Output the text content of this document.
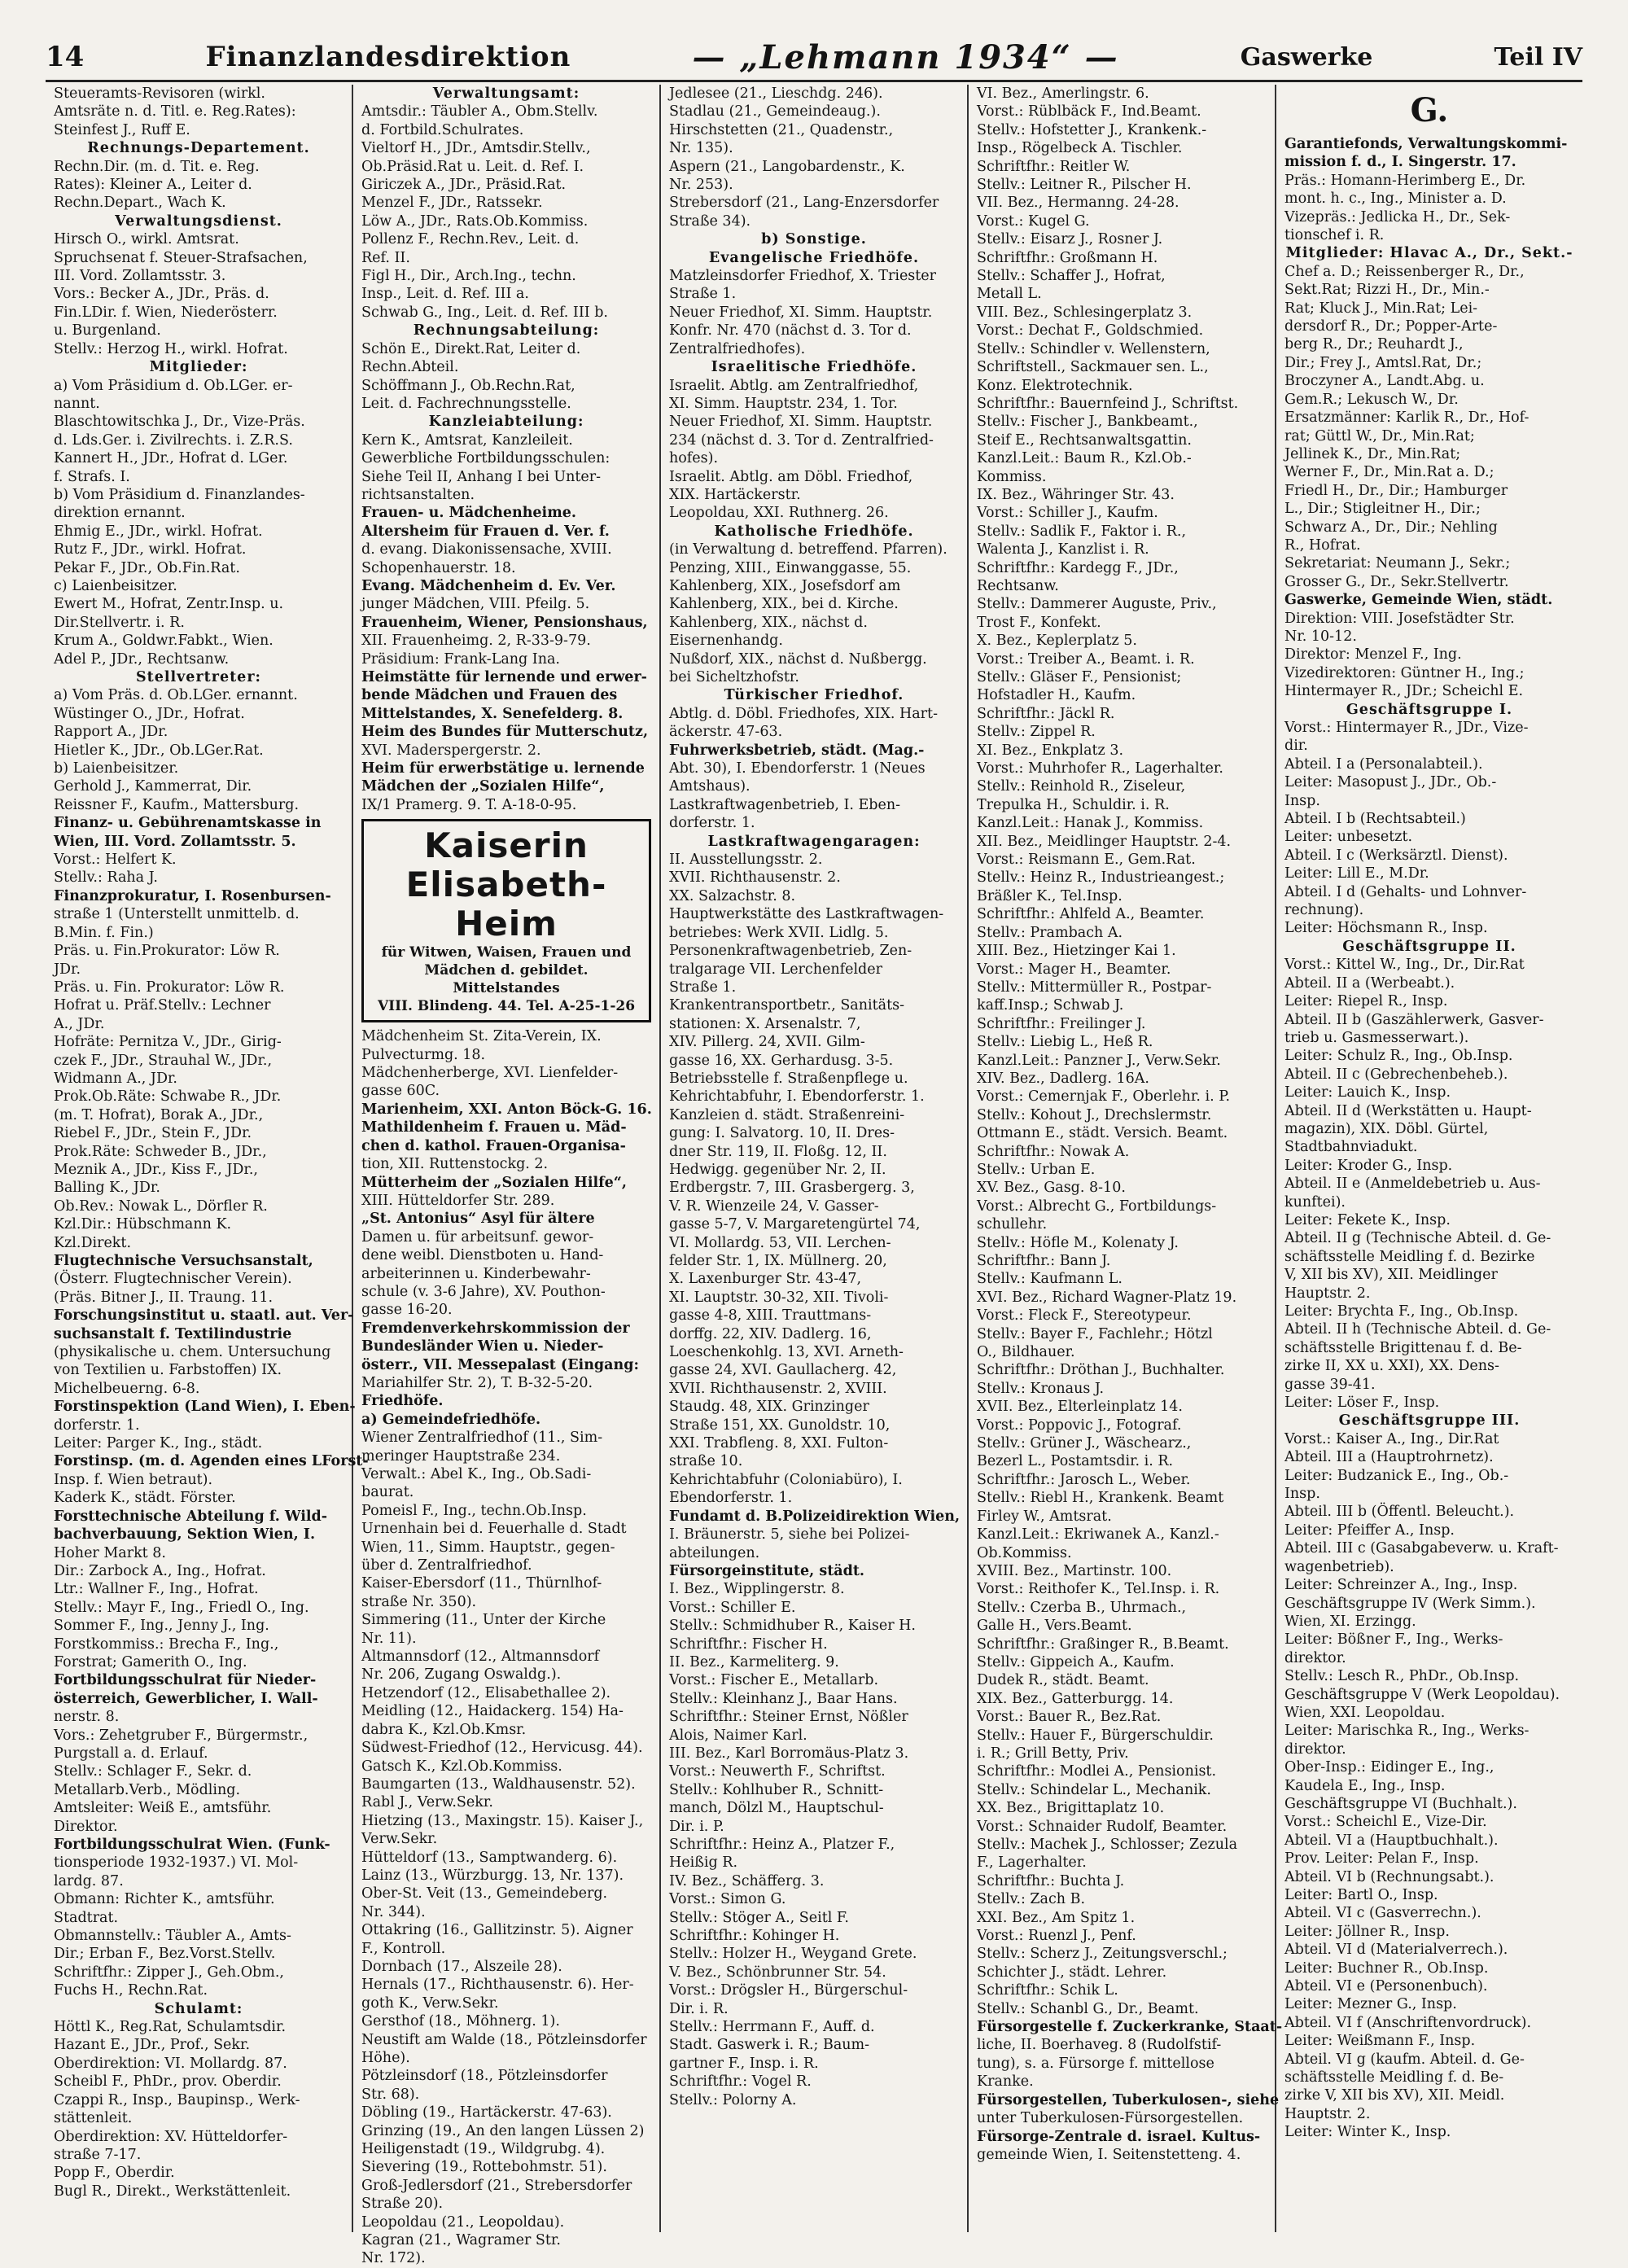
14	Finanzlandesdirektion	— „Lehmann 1934“ —	Gaswerke	Teil IV
Steueramts-Revisoren (wirkl.
Amtsräte n. d. Titl. e. Reg.Rates):
Steinfest J., Ruff E.
Rechnungs-Departement.
Rechn.Dir. (m. d. Tit. e. Reg.
Rates): Kleiner A., Leiter d.
Rechn.Depart., Wach K.
Verwaltungsdienst.
Hirsch O., wirkl. Amtsrat.
Spruchsenat f. Steuer-Strafsachen,
III. Vord. Zollamtsstr. 3.
Vors.: Becker A., JDr., Präs. d.
Fin.LDir. f. Wien, Niederösterr.
u. Burgenland.
Stellv.: Herzog H., wirkl. Hofrat.
Mitglieder:
a) Vom Präsidium d. Ob.LGer. er-
nannt.
Blaschtowitschka J., Dr., Vize-Präs.
d. Lds.Ger. i. Zivilrechts. i. Z.R.S.
Kannert H., JDr., Hofrat d. LGer.
f. Strafs. I.
b) Vom Präsidium d. Finanzlandes-
direktion ernannt.
Ehmig E., JDr., wirkl. Hofrat.
Rutz F., JDr., wirkl. Hofrat.
Pekar F., JDr., Ob.Fin.Rat.
c) Laienbeisitzer.
Ewert M., Hofrat, Zentr.Insp. u.
Dir.Stellvertr. i. R.
Krum A., Goldwr.Fabkt., Wien.
Adel P., JDr., Rechtsanw.
Stellvertreter:
a) Vom Präs. d. Ob.LGer. ernannt.
Wüstinger O., JDr., Hofrat.
Rapport A., JDr.
Hietler K., JDr., Ob.LGer.Rat.
b) Laienbeisitzer.
Gerhold J., Kammerrat, Dir.
Reissner F., Kaufm., Mattersburg.
Finanz- u. Gebührenamtskasse in
Wien, III. Vord. Zollamtsstr. 5.
Vorst.: Helfert K.
Stellv.: Raha J.
Finanzprokuratur, I. Rosenbursen-
straße 1 (Unterstellt unmittelb. d.
B.Min. f. Fin.)
Präs. u. Fin.Prokurator: Löw R.
JDr.
Präs. u. Fin. Prokurator: Löw R.
Hofrat u. Präf.Stellv.: Lechner
A., JDr.
Hofräte: Pernitza V., JDr., Girig-
czek F., JDr., Strauhal W., JDr.,
Widmann A., JDr.
Prok.Ob.Räte: Schwabe R., JDr.
(m. T. Hofrat), Borak A., JDr.,
Riebel F., JDr., Stein F., JDr.
Prok.Räte: Schweder B., JDr.,
Meznik A., JDr., Kiss F., JDr.,
Balling K., JDr.
Ob.Rev.: Nowak L., Dörfler R.
Kzl.Dir.: Hübschmann K.
Kzl.Direkt.
Flugtechnische Versuchsanstalt,
(Österr. Flugtechnischer Verein).
(Präs. Bitner J., II. Traung. 11.
Forschungsinstitut u. staatl. aut. Ver-
suchsanstalt f. Textilindustrie
(physikalische u. chem. Untersuchung
von Textilien u. Farbstoffen) IX.
Michelbeuerng. 6-8.
Forstinspektion (Land Wien), I. Eben-
dorferstr. 1.
Leiter: Parger K., Ing., städt.
Forstinsp. (m. d. Agenden eines LForst-
Insp. f. Wien betraut).
Kaderk K., städt. Förster.
Forsttechnische Abteilung f. Wild-
bachverbauung, Sektion Wien, I.
Hoher Markt 8.
Dir.: Zarbock A., Ing., Hofrat.
Ltr.: Wallner F., Ing., Hofrat.
Stellv.: Mayr F., Ing., Friedl O., Ing.
Sommer F., Ing., Jenny J., Ing.
Forstkommiss.: Brecha F., Ing.,
Forstrat; Gamerith O., Ing.
Fortbildungsschulrat für Nieder-
österreich, Gewerblicher, I. Wall-
nerstr. 8.
Vors.: Zehetgruber F., Bürgermstr.,
Purgstall a. d. Erlauf.
Stellv.: Schlager F., Sekr. d.
Metallarb.Verb., Mödling.
Amtsleiter: Weiß E., amtsführ.
Direktor.
Fortbildungsschulrat Wien. (Funk-
tionsperiode 1932-1937.) VI. Mol-
lardg. 87.
Obmann: Richter K., amtsführ.
Stadtrat.
Obmannstellv.: Täubler A., Amts-
Dir.; Erban F., Bez.Vorst.Stellv.
Schriftfhr.: Zipper J., Geh.Obm.,
Fuchs H., Rechn.Rat.
Schulamt:
Höttl K., Reg.Rat, Schulamtsdir.
Hazant E., JDr., Prof., Sekr.
Oberdirektion: VI. Mollardg. 87.
Scheibl F., PhDr., prov. Oberdir.
Czappi R., Insp., Baupinsp., Werk-
stättenleit.
Oberdirektion: XV. Hütteldorfer-
straße 7-17.
Popp F., Oberdir.
Bugl R., Direkt., Werkstättenleit.
Verwaltungsamt:
Amtsdir.: Täubler A., Obm.Stellv.
d. Fortbild.Schulrates.
Vieltorf H., JDr., Amtsdir.Stellv.,
Ob.Präsid.Rat u. Leit. d. Ref. I.
Giriczek A., JDr., Präsid.Rat.
Menzel F., JDr., Ratssekr.
Löw A., JDr., Rats.Ob.Kommiss.
Pollenz F., Rechn.Rev., Leit. d.
Ref. II.
Figl H., Dir., Arch.Ing., techn.
Insp., Leit. d. Ref. III a.
Schwab G., Ing., Leit. d. Ref. III b.
Rechnungsabteilung:
Schön E., Direkt.Rat, Leiter d.
Rechn.Abteil.
Schöffmann J., Ob.Rechn.Rat,
Leit. d. Fachrechnungsstelle.
Kanzleiabteilung:
Kern K., Amtsrat, Kanzleileit.
Gewerbliche Fortbildungsschulen:
Siehe Teil II, Anhang I bei Unter-
richtsanstalten.
Frauen- u. Mädchenheime.
Altersheim für Frauen d. Ver. f.
d. evang. Diakonissensache, XVIII.
Schopenhauerstr. 18.
Evang. Mädchenheim d. Ev. Ver.
junger Mädchen, VIII. Pfeilg. 5.
Frauenheim, Wiener, Pensionshaus,
XII. Frauenheimg. 2, R-33-9-79.
Präsidium: Frank-Lang Ina.
Heimstätte für lernende und erwer-
bende Mädchen und Frauen des
Mittelstandes, X. Senefelderg. 8.
Heim des Bundes für Mutterschutz,
XVI. Maderspergerstr. 2.
Heim für erwerbstätige u. lernende
Mädchen der „Sozialen Hilfe“,
IX/1 Pramerg. 9. T. A-18-0-95.
Kaiserin Elisabeth-Heim
für Witwen, Waisen, Frauen und
Mädchen d. gebildet. Mittelstandes
VIII. Blindeng. 44. Tel. A-25-1-26
Mädchenheim St. Zita-Verein, IX.
Pulvecturmg. 18.
Mädchenherberge, XVI. Lienfelder-
gasse 60C.
Marienheim, XXI. Anton Böck-G. 16.
Mathildenheim f. Frauen u. Mäd-
chen d. kathol. Frauen-Organisa-
tion, XII. Ruttenstockg. 2.
Mütterheim der „Sozialen Hilfe“,
XIII. Hütteldorfer Str. 289.
„St. Antonius“ Asyl für ältere
Damen u. für arbeitsunf. gewor-
dene weibl. Dienstboten u. Hand-
arbeiterinnen u. Kinderbewahr-
schule (v. 3-6 Jahre), XV. Pouthon-
gasse 16-20.
Fremdenverkehrskommission der
Bundesländer Wien u. Nieder-
österr., VII. Messepalast (Eingang:
Mariahilfer Str. 2), T. B-32-5-20.
Friedhöfe.
a) Gemeindefriedhöfe.
Wiener Zentralfriedhof (11., Sim-
meringer Hauptstraße 234.
Verwalt.: Abel K., Ing., Ob.Sadi-
baurat.
Pomeisl F., Ing., techn.Ob.Insp.
Urnenhain bei d. Feuerhalle d. Stadt
Wien, 11., Simm. Hauptstr., gegen-
über d. Zentralfriedhof.
Kaiser-Ebersdorf (11., Thürnlhof-
straße Nr. 350).
Simmering (11., Unter der Kirche
Nr. 11).
Altmannsdorf (12., Altmannsdorf
Nr. 206, Zugang Oswaldg.).
Hetzendorf (12., Elisabethallee 2).
Meidling (12., Haidackerg. 154) Ha-
dabra K., Kzl.Ob.Kmsr.
Südwest-Friedhof (12., Hervicusg. 44).
Gatsch K., Kzl.Ob.Kommiss.
Baumgarten (13., Waldhausenstr. 52).
Rabl J., Verw.Sekr.
Hietzing (13., Maxingstr. 15). Kaiser J.,
Verw.Sekr.
Hütteldorf (13., Samptwanderg. 6).
Lainz (13., Würzburgg. 13, Nr. 137).
Ober-St. Veit (13., Gemeindeberg.
Nr. 344).
Ottakring (16., Gallitzinstr. 5). Aigner
F., Kontroll.
Dornbach (17., Alszeile 28).
Hernals (17., Richthausenstr. 6). Her-
goth K., Verw.Sekr.
Gersthof (18., Möhnerg. 1).
Neustift am Walde (18., Pötzleinsdorfer
Höhe).
Pötzleinsdorf (18., Pötzleinsdorfer
Str. 68).
Döbling (19., Hartäckerstr. 47-63).
Grinzing (19., An den langen Lüssen 2)
Heiligenstadt (19., Wildgrubg. 4).
Sievering (19., Rottebohmstr. 51).
Groß-Jedlersdorf (21., Strebersdorfer
Straße 20).
Leopoldau (21., Leopoldau).
Kagran (21., Wagramer Str.
Nr. 172).
Jedlesee (21., Lieschdg. 246).
Stadlau (21., Gemeindeaug.).
Hirschstetten (21., Quadenstr.,
Nr. 135).
Aspern (21., Langobardenstr., K.
Nr. 253).
Strebersdorf (21., Lang-Enzersdorfer
Straße 34).
b) Sonstige.
Evangelische Friedhöfe.
Matzleinsdorfer Friedhof, X. Triester
Straße 1.
Neuer Friedhof, XI. Simm. Hauptstr.
Konfr. Nr. 470 (nächst d. 3. Tor d.
Zentralfriedhofes).
Israelitische Friedhöfe.
Israelit. Abtlg. am Zentralfriedhof,
XI. Simm. Hauptstr. 234, 1. Tor.
Neuer Friedhof, XI. Simm. Hauptstr.
234 (nächst d. 3. Tor d. Zentralfried-
hofes).
Israelit. Abtlg. am Döbl. Friedhof,
XIX. Hartäckerstr.
Leopoldau, XXI. Ruthnerg. 26.
Katholische Friedhöfe.
(in Verwaltung d. betreffend. Pfarren).
Penzing, XIII., Einwanggasse, 55.
Kahlenberg, XIX., Josefsdorf am
Kahlenberg, XIX., bei d. Kirche.
Kahlenberg, XIX., nächst d.
Eisernenhandg.
Nußdorf, XIX., nächst d. Nußbergg.
bei Sicheltzhofstr.
Türkischer Friedhof.
Abtlg. d. Döbl. Friedhofes, XIX. Hart-
äckerstr. 47-63.
Fuhrwerksbetrieb, städt. (Mag.-
Abt. 30), I. Ebendorferstr. 1 (Neues
Amtshaus).
Lastkraftwagenbetrieb, I. Eben-
dorferstr. 1.
Lastkraftwagengaragen:
II. Ausstellungsstr. 2.
XVII. Richthausenstr. 2.
XX. Salzachstr. 8.
Hauptwerkstätte des Lastkraftwagen-
betriebes: Werk XVII. Lidlg. 5.
Personenkraftwagenbetrieb, Zen-
tralgarage VII. Lerchenfelder
Straße 1.
Krankentransportbetr., Sanitäts-
stationen: X. Arsenalstr. 7,
XIV. Pillerg. 24, XVII. Gilm-
gasse 16, XX. Gerhardusg. 3-5.
Betriebsstelle f. Straßenpflege u.
Kehrichtabfuhr, I. Ebendorferstr. 1.
Kanzleien d. städt. Straßenreini-
gung: I. Salvatorg. 10, II. Dres-
dner Str. 119, II. Floßg. 12, II.
Hedwigg. gegenüber Nr. 2, II.
Erdbergstr. 7, III. Grasbergerg. 3,
V. R. Wienzeile 24, V. Gasser-
gasse 5-7, V. Margaretengürtel 74,
VI. Mollardg. 53, VII. Lerchen-
felder Str. 1, IX. Müllnerg. 20,
X. Laxenburger Str. 43-47,
XI. Lauptstr. 30-32, XII. Tivoli-
gasse 4-8, XIII. Trauttmans-
dorffg. 22, XIV. Dadlerg. 16,
Loeschenkohlg. 13, XVI. Arneth-
gasse 24, XVI. Gaullacherg. 42,
XVII. Richthausenstr. 2, XVIII.
Staudg. 48, XIX. Grinzinger
Straße 151, XX. Gunoldstr. 10,
XXI. Trabfleng. 8, XXI. Fulton-
straße 10.
Kehrichtabfuhr (Coloniabüro), I.
Ebendorferstr. 1.
Fundamt d. B.Polizeidirektion Wien,
I. Bräunerstr. 5, siehe bei Polizei-
abteilungen.
Fürsorgeinstitute, städt.
I. Bez., Wipplingerstr. 8.
Vorst.: Schiller E.
Stellv.: Schmidhuber R., Kaiser H.
Schriftfhr.: Fischer H.
II. Bez., Karmeliterg. 9.
Vorst.: Fischer E., Metallarb.
Stellv.: Kleinhanz J., Baar Hans.
Schriftfhr.: Steiner Ernst, Nößler
Alois, Naimer Karl.
III. Bez., Karl Borromäus-Platz 3.
Vorst.: Neuwerth F., Schriftst.
Stellv.: Kohlhuber R., Schnitt-
manch, Dölzl M., Hauptschul-
Dir. i. P.
Schriftfhr.: Heinz A., Platzer F.,
Heißig R.
IV. Bez., Schäfferg. 3.
Vorst.: Simon G.
Stellv.: Stöger A., Seitl F.
Schriftfhr.: Kohinger H.
Stellv.: Holzer H., Weygand Grete.
V. Bez., Schönbrunner Str. 54.
Vorst.: Drögsler H., Bürgerschul-
Dir. i. R.
Stellv.: Herrmann F., Auff. d.
Stadt. Gaswerk i. R.; Baum-
gartner F., Insp. i. R.
Schriftfhr.: Vogel R.
Stellv.: Polorny A.
VI. Bez., Amerlingstr. 6.
Vorst.: Rüblbäck F., Ind.Beamt.
Stellv.: Hofstetter J., Krankenk.-
Insp., Rögelbeck A. Tischler.
Schriftfhr.: Reitler W.
Stellv.: Leitner R., Pilscher H.
VII. Bez., Hermanng. 24-28.
Vorst.: Kugel G.
Stellv.: Eisarz J., Rosner J.
Schriftfhr.: Großmann H.
Stellv.: Schaffer J., Hofrat,
Metall L.
VIII. Bez., Schlesingerplatz 3.
Vorst.: Dechat F., Goldschmied.
Stellv.: Schindler v. Wellenstern,
Schriftstell., Sackmauer sen. L.,
Konz. Elektrotechnik.
Schriftfhr.: Bauernfeind J., Schriftst.
Stellv.: Fischer J., Bankbeamt.,
Steif E., Rechtsanwaltsgattin.
Kanzl.Leit.: Baum R., Kzl.Ob.-
Kommiss.
IX. Bez., Währinger Str. 43.
Vorst.: Schiller J., Kaufm.
Stellv.: Sadlik F., Faktor i. R.,
Walenta J., Kanzlist i. R.
Schriftfhr.: Kardegg F., JDr.,
Rechtsanw.
Stellv.: Dammerer Auguste, Priv.,
Trost F., Konfekt.
X. Bez., Keplerplatz 5.
Vorst.: Treiber A., Beamt. i. R.
Stellv.: Gläser F., Pensionist;
Hofstadler H., Kaufm.
Schriftfhr.: Jäckl R.
Stellv.: Zippel R.
XI. Bez., Enkplatz 3.
Vorst.: Muhrhofer R., Lagerhalter.
Stellv.: Reinhold R., Ziseleur,
Trepulka H., Schuldir. i. R.
Kanzl.Leit.: Hanak J., Kommiss.
XII. Bez., Meidlinger Hauptstr. 2-4.
Vorst.: Reismann E., Gem.Rat.
Stellv.: Heinz R., Industrieangest.;
Bräßler K., Tel.Insp.
Schriftfhr.: Ahlfeld A., Beamter.
Stellv.: Prambach A.
XIII. Bez., Hietzinger Kai 1.
Vorst.: Mager H., Beamter.
Stellv.: Mittermüller R., Postpar-
kaff.Insp.; Schwab J.
Schriftfhr.: Freilinger J.
Stellv.: Liebig L., Heß R.
Kanzl.Leit.: Panzner J., Verw.Sekr.
XIV. Bez., Dadlerg. 16A.
Vorst.: Cemernjak F., Oberlehr. i. P.
Stellv.: Kohout J., Drechslermstr.
Ottmann E., städt. Versich. Beamt.
Schriftfhr.: Nowak A.
Stellv.: Urban E.
XV. Bez., Gasg. 8-10.
Vorst.: Albrecht G., Fortbildungs-
schullehr.
Stellv.: Höfle M., Kolenaty J.
Schriftfhr.: Bann J.
Stellv.: Kaufmann L.
XVI. Bez., Richard Wagner-Platz 19.
Vorst.: Fleck F., Stereotypeur.
Stellv.: Bayer F., Fachlehr.; Hötzl
O., Bildhauer.
Schriftfhr.: Dröthan J., Buchhalter.
Stellv.: Kronaus J.
XVII. Bez., Elterleinplatz 14.
Vorst.: Poppovic J., Fotograf.
Stellv.: Grüner J., Wäschearz.,
Bezerl L., Postamtsdir. i. R.
Schriftfhr.: Jarosch L., Weber.
Stellv.: Riebl H., Krankenk. Beamt
Firley W., Amtsrat.
Kanzl.Leit.: Ekriwanek A., Kanzl.-
Ob.Kommiss.
XVIII. Bez., Martinstr. 100.
Vorst.: Reithofer K., Tel.Insp. i. R.
Stellv.: Czerba B., Uhrmach.,
Galle H., Vers.Beamt.
Schriftfhr.: Graßinger R., B.Beamt.
Stellv.: Gippeich A., Kaufm.
Dudek R., städt. Beamt.
XIX. Bez., Gatterburgg. 14.
Vorst.: Bauer R., Bez.Rat.
Stellv.: Hauer F., Bürgerschuldir.
i. R.; Grill Betty, Priv.
Schriftfhr.: Modlei A., Pensionist.
Stellv.: Schindelar L., Mechanik.
XX. Bez., Brigittaplatz 10.
Vorst.: Schnaider Rudolf, Beamter.
Stellv.: Machek J., Schlosser; Zezula
F., Lagerhalter.
Schriftfhr.: Buchta J.
Stellv.: Zach B.
XXI. Bez., Am Spitz 1.
Vorst.: Ruenzl J., Penf.
Stellv.: Scherz J., Zeitungsverschl.;
Schichter J., städt. Lehrer.
Schriftfhr.: Schik L.
Stellv.: Schanbl G., Dr., Beamt.
Fürsorgestelle f. Zuckerkranke, Staat-
liche, II. Boerhaveg. 8 (Rudolfstif-
tung), s. a. Fürsorge f. mittellose
Kranke.
Fürsorgestellen, Tuberkulosen-, siehe
unter Tuberkulosen-Fürsorgestellen.
Fürsorge-Zentrale d. israel. Kultus-
gemeinde Wien, I. Seitenstetteng. 4.
G.
Garantiefonds, Verwaltungskommi-
mission f. d., I. Singerstr. 17.
Präs.: Homann-Herimberg E., Dr.
mont. h. c., Ing., Minister a. D.
Vizepräs.: Jedlicka H., Dr., Sek-
tionschef i. R.
Mitglieder: Hlavac A., Dr., Sekt.-
Chef a. D.; Reissenberger R., Dr.,
Sekt.Rat; Rizzi H., Dr., Min.-
Rat; Kluck J., Min.Rat; Lei-
dersdorf R., Dr.; Popper-Arte-
berg R., Dr.; Reuhardt J.,
Dir.; Frey J., Amtsl.Rat, Dr.;
Broczyner A., Landt.Abg. u.
Gem.R.; Lekusch W., Dr.
Ersatzmänner: Karlik R., Dr., Hof-
rat; Güttl W., Dr., Min.Rat;
Jellinek K., Dr., Min.Rat;
Werner F., Dr., Min.Rat a. D.;
Friedl H., Dr., Dir.; Hamburger
L., Dir.; Stigleitner H., Dir.;
Schwarz A., Dr., Dir.; Nehling
R., Hofrat.
Sekretariat: Neumann J., Sekr.;
Grosser G., Dr., Sekr.Stellvertr.
Gaswerke, Gemeinde Wien, städt.
Direktion: VIII. Josefstädter Str.
Nr. 10-12.
Direktor: Menzel F., Ing.
Vizedirektoren: Güntner H., Ing.;
Hintermayer R., JDr.; Scheichl E.
Geschäftsgruppe I.
Vorst.: Hintermayer R., JDr., Vize-
dir.
Abteil. I a (Personalabteil.).
Leiter: Masopust J., JDr., Ob.-
Insp.
Abteil. I b (Rechtsabteil.)
Leiter: unbesetzt.
Abteil. I c (Werksärztl. Dienst).
Leiter: Lill E., M.Dr.
Abteil. I d (Gehalts- und Lohnver-
rechnung).
Leiter: Höchsmann R., Insp.
Geschäftsgruppe II.
Vorst.: Kittel W., Ing., Dr., Dir.Rat
Abteil. II a (Werbeabt.).
Leiter: Riepel R., Insp.
Abteil. II b (Gaszählerwerk, Gasver-
trieb u. Gasmesserwart.).
Leiter: Schulz R., Ing., Ob.Insp.
Abteil. II c (Gebrechenbeheb.).
Leiter: Lauich K., Insp.
Abteil. II d (Werkstätten u. Haupt-
magazin), XIX. Döbl. Gürtel,
Stadtbahnviadukt.
Leiter: Kroder G., Insp.
Abteil. II e (Anmeldebetrieb u. Aus-
kunftei).
Leiter: Fekete K., Insp.
Abteil. II g (Technische Abteil. d. Ge-
schäftsstelle Meidling f. d. Bezirke
V, XII bis XV), XII. Meidlinger
Hauptstr. 2.
Leiter: Brychta F., Ing., Ob.Insp.
Abteil. II h (Technische Abteil. d. Ge-
schäftsstelle Brigittenau f. d. Be-
zirke II, XX u. XXI), XX. Dens-
gasse 39-41.
Leiter: Löser F., Insp.
Geschäftsgruppe III.
Vorst.: Kaiser A., Ing., Dir.Rat
Abteil. III a (Hauptrohrnetz).
Leiter: Budzanick E., Ing., Ob.-
Insp.
Abteil. III b (Öffentl. Beleucht.).
Leiter: Pfeiffer A., Insp.
Abteil. III c (Gasabgabeverw. u. Kraft-
wagenbetrieb).
Leiter: Schreinzer A., Ing., Insp.
Geschäftsgruppe IV (Werk Simm.).
Wien, XI. Erzingg.
Leiter: Bößner F., Ing., Werks-
direktor.
Stellv.: Lesch R., PhDr., Ob.Insp.
Geschäftsgruppe V (Werk Leopoldau).
Wien, XXI. Leopoldau.
Leiter: Marischka R., Ing., Werks-
direktor.
Ober-Insp.: Eidinger E., Ing.,
Kaudela E., Ing., Insp.
Geschäftsgruppe VI (Buchhalt.).
Vorst.: Scheichl E., Vize-Dir.
Abteil. VI a (Hauptbuchhalt.).
Prov. Leiter: Pelan F., Insp.
Abteil. VI b (Rechnungsabt.).
Leiter: Bartl O., Insp.
Abteil. VI c (Gasverrechn.).
Leiter: Jöllner R., Insp.
Abteil. VI d (Materialverrech.).
Leiter: Buchner R., Ob.Insp.
Abteil. VI e (Personenbuch).
Leiter: Mezner G., Insp.
Abteil. VI f (Anschriftenvordruck).
Leiter: Weißmann F., Insp.
Abteil. VI g (kaufm. Abteil. d. Ge-
schäftsstelle Meidling f. d. Be-
zirke V, XII bis XV), XII. Meidl.
Hauptstr. 2.
Leiter: Winter K., Insp.
